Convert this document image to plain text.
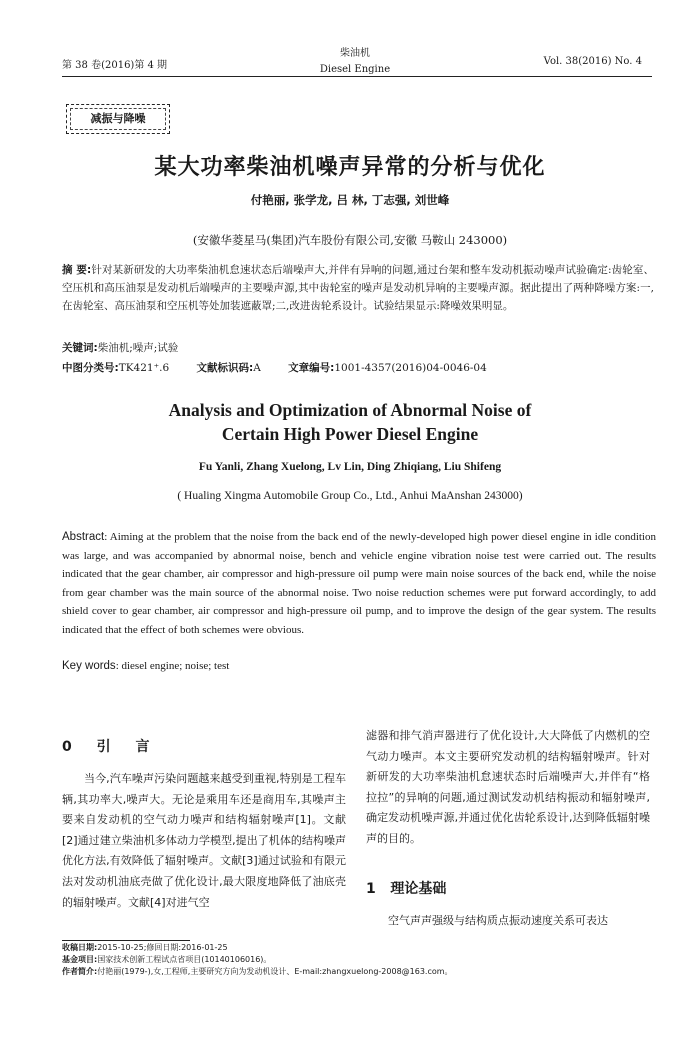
第 38 卷(2016)第 4 期
柴油机
Diesel Engine
Vol. 38(2016) No. 4
减振与降噪
某大功率柴油机噪声异常的分析与优化
付艳丽, 张学龙, 吕 林, 丁志强, 刘世峰
(安徽华菱星马(集团)汽车股份有限公司,安徽 马鞍山 243000)
摘 要:针对某新研发的大功率柴油机怠速状态后端噪声大,并伴有异响的问题,通过台架和整车发动机振动噪声试验确定:齿轮室、空压机和高压油泵是发动机后端噪声的主要噪声源,其中齿轮室的噪声是发动机异响的主要噪声源。据此提出了两种降噪方案:一,在齿轮室、高压油泵和空压机等处加装遮蔽罩;二,改进齿轮系设计。试验结果显示:降噪效果明显。
关键词:柴油机;噪声;试验
中图分类号:TK421⁺.6	文献标识码:A	文章编号:1001-4357(2016)04-0046-04
Analysis and Optimization of Abnormal Noise of
Certain High Power Diesel Engine
Fu Yanli, Zhang Xuelong, Lv Lin, Ding Zhiqiang, Liu Shifeng
( Hualing Xingma Automobile Group Co., Ltd., Anhui MaAnshan 243000)
Abstract: Aiming at the problem that the noise from the back end of the newly-developed high power diesel engine in idle condition was large, and was accompanied by abnormal noise, bench and vehicle engine vibration noise test were carried out. The results indicated that the gear chamber, air compressor and high-pressure oil pump were main noise sources of the back end, while the noise from gear chamber was the main source of the abnormal noise. Two noise reduction schemes were put forward accordingly, to add shield cover to gear chamber, air compressor and high-pressure oil pump, and to improve the design of the gear system. The results indicated that the effect of both schemes were obvious.
Key words: diesel engine; noise; test
0 引 言
当今,汽车噪声污染问题越来越受到重视,特别是工程车辆,其功率大,噪声大。无论是乘用车还是商用车,其噪声主要来自发动机的空气动力噪声和结构辐射噪声[1]。文献[2]通过建立柴油机多体动力学模型,提出了机体的结构噪声优化方法,有效降低了辐射噪声。文献[3]通过试验和有限元法对发动机油底壳做了优化设计,最大限度地降低了油底壳的辐射噪声。文献[4]对进气空
滤器和排气消声器进行了优化设计,大大降低了内燃机的空气动力噪声。本文主要研究发动机的结构辐射噪声。针对新研发的大功率柴油机怠速状态时后端噪声大,并伴有“格拉拉”的异响的问题,通过测试发动机结构振动和辐射噪声,确定发动机噪声源,并通过优化齿轮系设计,达到降低辐射噪声的目的。
1 理论基础
空气声声强级与结构质点振动速度关系可表达
收稿日期:2015-10-25;修回日期:2016-01-25
基金项目:国家技术创新工程试点省项目(10140106016)。
作者简介:付艳丽(1979-),女,工程师,主要研究方向为发动机设计、E-mail:zhangxuelong-2008@163.com。
